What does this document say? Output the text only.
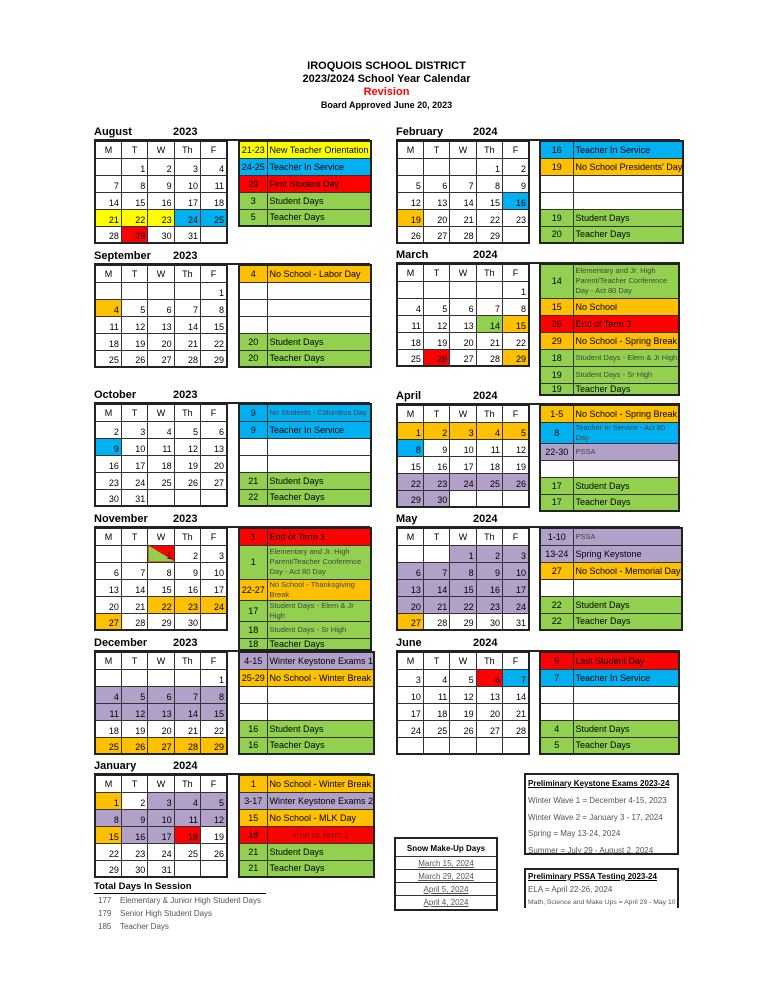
IROQUOIS SCHOOL DISTRICT
2023/2024 School Year Calendar
Revision
Board Approved June 20, 2023
August	2023
M	T	W	Th	F
	1	2	3	4
7	8	9	10	11
14	15	16	17	18
21	22	23	24	25
28	29	30	31	
21-23	New Teacher Orientation
24-25	Teacher In Service
29	First Student Day
3	Student Days
5	Teacher Days
September 2023
M	T	W	Th	F
				1
4	5	6	7	8
11	12	13	14	15
18	19	20	21	22
25	26	27	28	29
4	No School - Labor Day

20	Student Days
20	Teacher Days
October	2023
M	T	W	Th	F
2	3	4	5	6
9	10	11	12	13
16	17	18	19	20
23	24	25	26	27
30	31			
9	No Students - Columbus Day
9	Teacher In Service

21	Student Days
22	Teacher Days
November 2023
M	T	W	Th	F
		1	2	3
6	7	8	9	10
13	14	15	16	17
20	21	22	23	24
27	28	29	30	
1	End of Term 1
1	Elementary and Jr. High Parent/Teacher Conference Day - Act 80 Day
22-27	No School - Thanksgiving Break
17	Student Days - Elem & Jr High
18	Student Days - Sr High
18	Teacher Days
December 2023
M	T	W	Th	F
				1
4	5	6	7	8
11	12	13	14	15
18	19	20	21	22
25	26	27	28	29
4-15	Winter Keystone Exams 1
25-29	No School - Winter Break

16	Student Days
16	Teacher Days
January	2024
M	T	W	Th	F
1	2	3	4	5
8	9	10	11	12
15	16	17	18	19
22	23	24	25	26
29	30	31		
1	No School - Winter Break
3-17	Winter Keystone Exams 2
15	No School - MLK Day
18	End of Term 2
21	Student Days
21	Teacher Days
February	2024
M	T	W	Th	F
			1	2
5	6	7	8	9
12	13	14	15	16
19	20	21	22	23
26	27	28	29	
16	Teacher In Service
19	No School Presidents' Day

19	Student Days
20	Teacher Days
March	2024
M	T	W	Th	F
				1
4	5	6	7	8
11	12	13	14	15
18	19	20	21	22
25	26	27	28	29
14	Elementary and Jr. High Parent/Teacher Conference Day - Act 80 Day
15	No School
26	End of Term 3
29	No School - Spring Break
18	Student Days - Elem & Jr High
19	Student Days - Sr High
19	Teacher Days
April	2024
M	T	W	Th	F
1	2	3	4	5
8	9	10	11	12
15	16	17	18	19
22	23	24	25	26
29	30			
1-5	No School - Spring Break
8	Teacher In Service - Act 80 Day
22-30	PSSA

17	Student Days
17	Teacher Days
May	2024
M	T	W	Th	F
		1	2	3
6	7	8	9	10
13	14	15	16	17
20	21	22	23	24
27	28	29	30	31
1-10	PSSA
13-24	Spring Keystone
27	No School - Memorial Day

22	Student Days
22	Teacher Days
June	2024
M	T	W	Th	F
3	4	5	6	7
10	11	12	13	14
17	18	19	20	21
24	25	26	27	28

6	Last Student Day
7	Teacher In Service

4	Student Days
5	Teacher Days
Total Days In Session
177	Elementary & Junior High Student Days
179	Senior High Student Days
185	Teacher Days
Snow Make-Up Days
March 15, 2024
March 29, 2024
April 5, 2024
April 4, 2024
Preliminary Keystone Exams 2023-24
Winter Wave 1 = December 4-15, 2023
Winter Wave 2 = January 3 - 17, 2024
Spring = May 13-24, 2024
Summer = July 29 - August 2, 2024
Preliminary PSSA Testing 2023-24
ELA = April 22-26, 2024
Math, Science and Make Ups = April 29 - May 10
